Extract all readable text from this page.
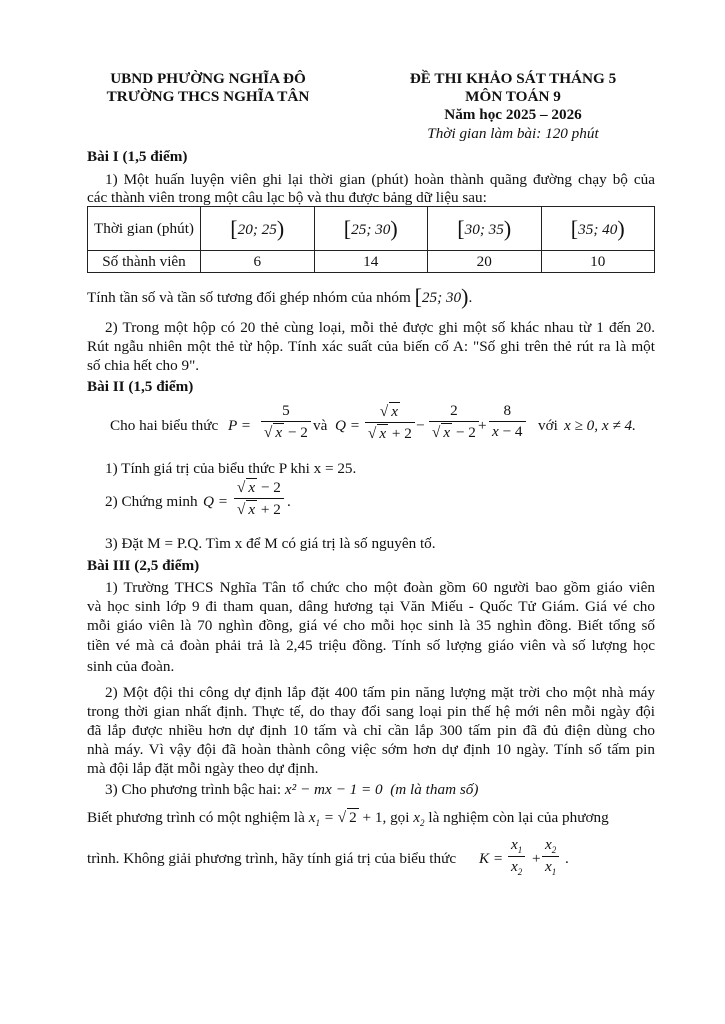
UBND PHƯỜNG NGHĨA ĐÔ
TRƯỜNG THCS NGHĨA TÂN
ĐỀ THI KHẢO SÁT THÁNG 5
MÔN TOÁN 9
Năm học 2025 – 2026
Thời gian làm bài: 120 phút
Bài I (1,5 điểm)
1) Một huấn luyện viên ghi lại thời gian (phút) hoàn thành quãng đường chạy bộ của
các thành viên trong một câu lạc bộ và thu được bảng dữ liệu sau:
Thời gian (phút)	[20; 25)	[25; 30)	[30; 35)	[35; 40)
Số thành viên	6	14	20	10
Tính tần số và tần số tương đối ghép nhóm của nhóm [25; 30).
2) Trong một hộp có 20 thẻ cùng loại, mỗi thẻ được ghi một số khác nhau từ 1 đến 20.
Rút ngẫu nhiên một thẻ từ hộp. Tính xác suất của biến cố A: "Số ghi trên thẻ rút ra là một
số chia hết cho 9".
Bài II (1,5 điểm)
Cho hai biểu thức $P = \frac{5}{√ x - 2}$ và $Q = \frac{√ x}{√ x + 2} - \frac{2}{√ x - 2} + \frac{8}{x - 4}$ với x ≥ 0, x ≠ 4.
1) Tính giá trị của biểu thức P khi x = 25.
2) Chứng minh $Q = \frac{√ x - 2}{√ x + 2}$ .
3) Đặt M = P.Q. Tìm x để M có giá trị là số nguyên tố.
Bài III (2,5 điểm)
1) Trường THCS Nghĩa Tân tổ chức cho một đoàn gồm 60 người bao gồm giáo viên
và học sinh lớp 9 đi tham quan, dâng hương tại Văn Miếu - Quốc Tử Giám. Giá vé cho
mỗi giáo viên là 70 nghìn đồng, giá vé cho mỗi học sinh là 35 nghìn đồng. Biết tổng số
tiền vé mà cả đoàn phải trả là 2,45 triệu đồng. Tính số lượng giáo viên và số lượng học
sinh của đoàn.
2) Một đội thi công dự định lắp đặt 400 tấm pin năng lượng mặt trời cho một nhà máy
trong thời gian nhất định. Thực tế, do thay đổi sang loại pin thế hệ mới nên mỗi ngày đội
đã lắp được nhiều hơn dự định 10 tấm và chỉ cần lắp 300 tấm pin đã đủ điện dùng cho
nhà máy. Vì vậy đội đã hoàn thành công việc sớm hơn dự định 10 ngày. Tính số tấm pin
mà đội lắp đặt mỗi ngày theo dự định.
3) Cho phương trình bậc hai: x² − mx − 1 = 0 (m là tham số)
Biết phương trình có một nghiệm là $x_1$ = √ 2 + 1, gọi $x_2$ là nghiệm còn lại của phương
trình. Không giải phương trình, hãy tính giá trị của biểu thức $K = \frac{x_1}{x_2} + \frac{x_2}{x_1}$ .
